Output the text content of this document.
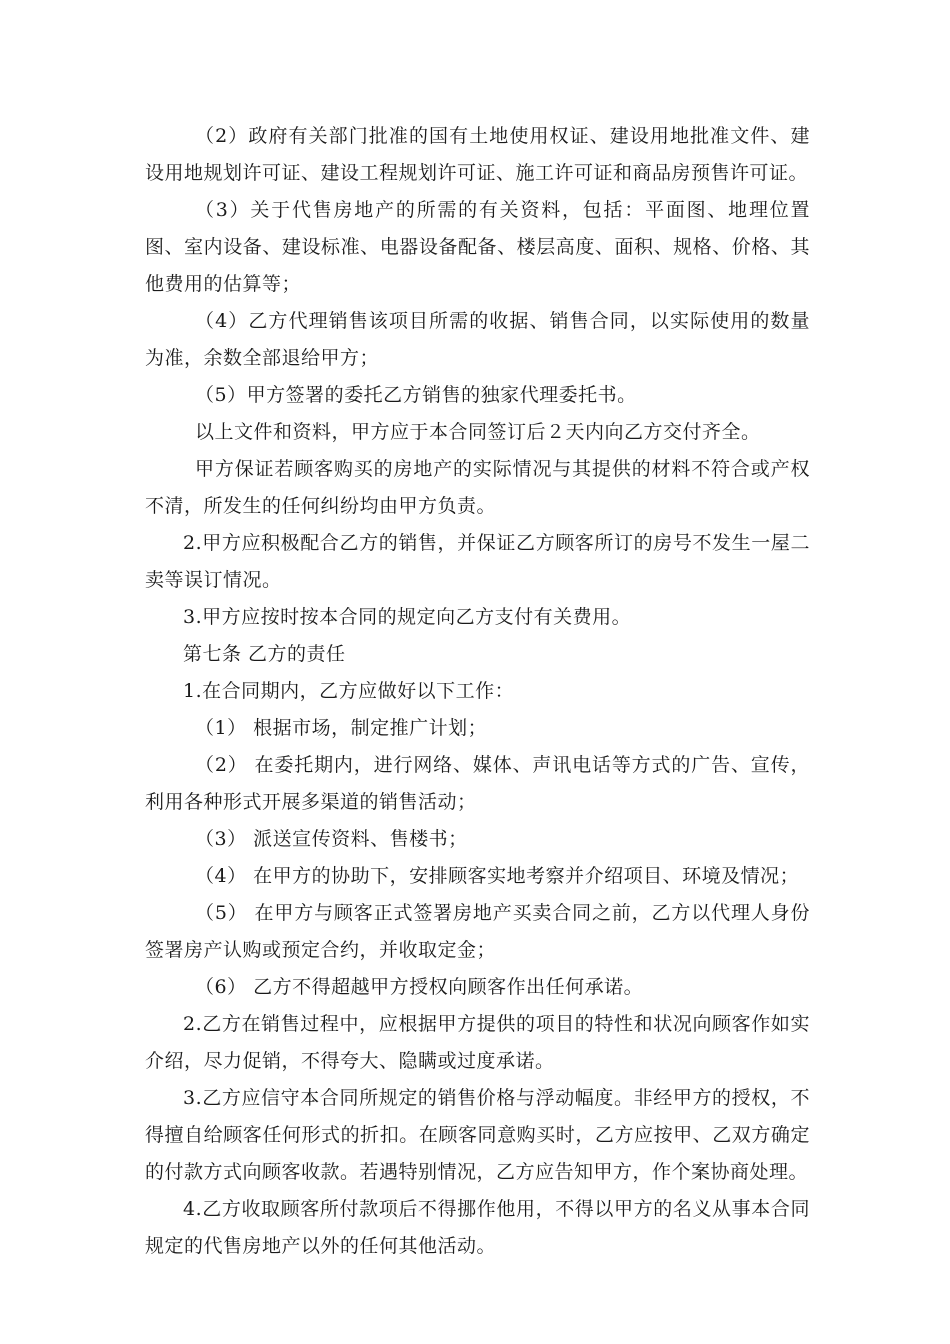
（2）政府有关部门批准的国有土地使用权证、建设用地批准文件、建设用地规划许可证、建设工程规划许可证、施工许可证和商品房预售许可证。

（3）关于代售房地产的所需的有关资料，包括：平面图、地理位置图、室内设备、建设标准、电器设备配备、楼层高度、面积、规格、价格、其他费用的估算等；

（4）乙方代理销售该项目所需的收据、销售合同，以实际使用的数量为准，余数全部退给甲方；

（5）甲方签署的委托乙方销售的独家代理委托书。

以上文件和资料，甲方应于本合同签订后２天内向乙方交付齐全。

甲方保证若顾客购买的房地产的实际情况与其提供的材料不符合或产权不清，所发生的任何纠纷均由甲方负责。

2.甲方应积极配合乙方的销售，并保证乙方顾客所订的房号不发生一屋二卖等误订情况。

3.甲方应按时按本合同的规定向乙方支付有关费用。

第七条 乙方的责任

1.在合同期内，乙方应做好以下工作：

（1） 根据市场，制定推广计划；

（2） 在委托期内，进行网络、媒体、声讯电话等方式的广告、宣传，利用各种形式开展多渠道的销售活动；

（3） 派送宣传资料、售楼书；

（4） 在甲方的协助下，安排顾客实地考察并介绍项目、环境及情况；

（5） 在甲方与顾客正式签署房地产买卖合同之前，乙方以代理人身份签署房产认购或预定合约，并收取定金；

（6） 乙方不得超越甲方授权向顾客作出任何承诺。

2.乙方在销售过程中，应根据甲方提供的项目的特性和状况向顾客作如实介绍，尽力促销，不得夸大、隐瞒或过度承诺。

3.乙方应信守本合同所规定的销售价格与浮动幅度。非经甲方的授权，不得擅自给顾客任何形式的折扣。在顾客同意购买时，乙方应按甲、乙双方确定的付款方式向顾客收款。若遇特别情况，乙方应告知甲方，作个案协商处理。

4.乙方收取顾客所付款项后不得挪作他用，不得以甲方的名义从事本合同规定的代售房地产以外的任何其他活动。
